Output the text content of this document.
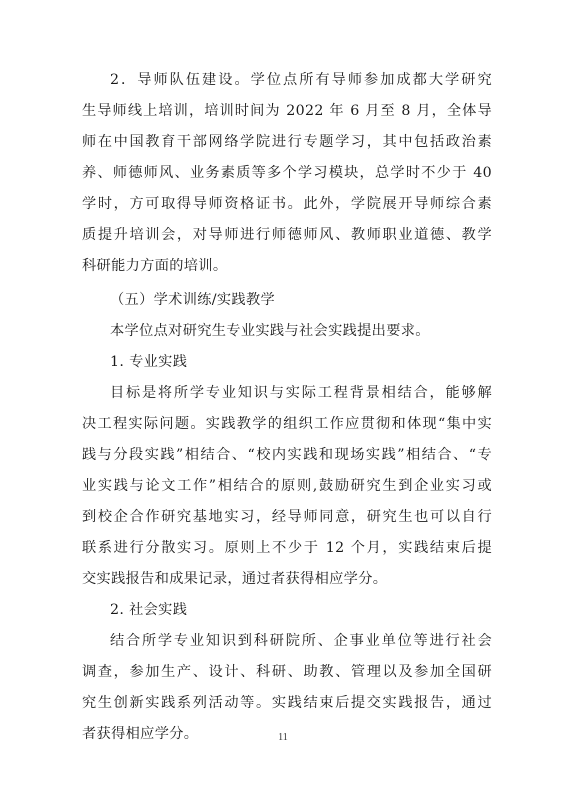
2．导师队伍建设。学位点所有导师参加成都大学研究
生导师线上培训，培训时间为 2022 年 6 月至 8 月，全体导
师在中国教育干部网络学院进行专题学习，其中包括政治素
养、师德师风、业务素质等多个学习模块，总学时不少于 40
学时，方可取得导师资格证书。此外，学院展开导师综合素
质提升培训会，对导师进行师德师风、教师职业道德、教学
科研能力方面的培训。
（五）学术训练/实践教学
本学位点对研究生专业实践与社会实践提出要求。
1. 专业实践
目标是将所学专业知识与实际工程背景相结合，能够解
决工程实际问题。实践教学的组织工作应贯彻和体现“集中实
践与分段实践”相结合、“校内实践和现场实践”相结合、“专
业实践与论文工作”相结合的原则,鼓励研究生到企业实习或
到校企合作研究基地实习，经导师同意，研究生也可以自行
联系进行分散实习。原则上不少于 12 个月，实践结束后提
交实践报告和成果记录，通过者获得相应学分。
2. 社会实践
结合所学专业知识到科研院所、企事业单位等进行社会
调查，参加生产、设计、科研、助教、管理以及参加全国研
究生创新实践系列活动等。实践结束后提交实践报告，通过
者获得相应学分。	11
